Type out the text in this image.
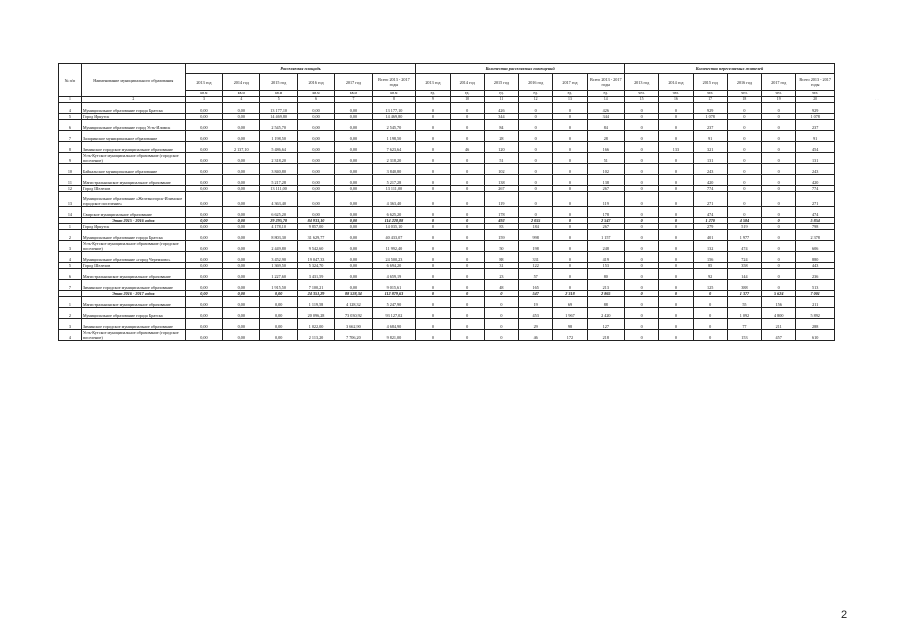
№ п/п	Наименование муниципального образования	Расселяемая площадь						Количество расселяемых помещений						Количество переселяемых жителей					
		2013 год	2014 год	2015 год	2016 год	2017 год	Всего 2013 - 2017 годы	2013 год	2014 год	2015 год	2016 год	2017 год	Всего 2013 - 2017 годы	2013 год	2014 год	2015 год	2016 год	2017 год	Всего 2013 - 2017 годы
		кв.м	кв.м	кв.м	кв.м	кв.м	кв.м	ед.	ед.	ед.	ед.	ед.	ед.	чел.	чел.	чел.	чел.	чел.	чел.
1	2	3	4	5	6	7	8	9	10	11	12	13	14	15	16	17	18	19	20
4	Муниципальное образование города Братска	0,00	0,00	13 177,10	0,00	0,00	13 177,10	0	0	426	0	0	426	0	0	929	0	0	929
5	Город Иркутск	0,00	0,00	14 469,80	0,00	0,00	14 469,80	0	0	344	0	0	344	0	0	1 078	0	0	1 078
6	Муниципальное образование город Усть-Илимск	0,00	0,00	2 545,70	0,00	0,00	2 545,70	0	0	84	0	0	84	0	0	237	0	0	237
7	Заларинское муниципальное образование	0,00	0,00	1 198,50	0,00	0,00	1 198,50	0	0	28	0	0	28	0	0	91	0	0	91
8	Зиминское городское муниципальное образование	0,00	2 137,10	5 486,64	0,00	0,00	7 623,64	0	46	120	0	0	166	0	133	321	0	0	454
9	Усть-Кутское муниципальное образование (городское поселение)	0,00	0,00	2 318,20	0,00	0,00	2 318,20	0	0	51	0	0	51	0	0	131	0	0	131
10	Байкальское муниципальное образование	0,00	0,00	3 840,80	0,00	0,00	3 840,80	0	0	102	0	0	102	0	0	243	0	0	243
11	Магистральнинское муниципальное образование	0,00	0,00	5 217,28	0,00	0,00	5 217,28	0	0	138	0	0	138	0	0	420	0	0	420
12	Город Шелехов	0,00	0,00	13 111,00	0,00	0,00	13 111,00	0	0	267	0	0	267	0	0	774	0	0	774
13	Муниципальное образование «Железногорск-Илимское городское поселение»	0,00	0,00	4 363,40	0,00	0,00	4 363,40	0	0	119	0	0	119	0	0	271	0	0	271
14	Свирское муниципальное образование	0,00	0,00	6 625,20	0,00	0,00	6 625,20	0	0	178	0	0	178	0	0	474	0	0	474
	Этап 2015 - 2016 годов	0,00	0,00	29 295,78	84 933,10	0,00	114 228,88	0	0	492	2 055	0	2 547	0	0	1 270	4 584	0	5 854
1	Город Иркутск	0,00	0,00	4 178,10	9 857,00	0,00	14 035,10	0	0	83	184	0	267	0	0	279	519	0	798
2	Муниципальное образование города Братска	0,00	0,00	8 803,30	31 629,77	0,00	40 433,07	0	0	159	998	0	1 157	0	0	401	1 977	0	2 378
3	Усть-Кутское муниципальное образование (городское поселение)	0,00	0,00	2 449,80	9 542,60	0,00	11 992,40	0	0	50	198	0	248	0	0	132	474	0	606
4	Муниципальное образование «город Черемхово»	0,00	0,00	3 452,90	19 047,33	0,00	24 500,23	0	0	88	331	0	419	0	0	156	724	0	880
5	Город Шелехов	0,00	0,00	1 369,50	5 324,70	0,00	6 694,20	0	0	31	122	0	153	0	0	85	358	0	443
6	Магистральнинское муниципальное образование	0,00	0,00	1 227,60	3 431,59	0,00	4 659,19	0	0	23	57	0	80	0	0	92	144	0	236
7	Зиминское городское муниципальное образование	0,00	0,00	1 915,50	7 100,21	0,00	9 015,61	0	0	48	165	0	213	0	0	125	388	0	513
	Этап 2016 - 2017 годов	0,00	0,00	0,00	24 351,29	88 528,34	112 879,63	0	0	0	547	2 318	2 865	0	0	0	1 377	5 624	7 001
1	Магистральнинское муниципальное образование	0,00	0,00	0,00	1 119,58	4 128,32	5 247,90	0	0	0	19	69	88	0	0	0	55	156	211
2	Муниципальное образование города Братска	0,00	0,00	0,00	20 096,28	73 030,92	93 127,02	0	0	0	453	1 967	2 420	0	0	0	1 092	4 800	5 892
3	Зиминское городское муниципальное образование	0,00	0,00	0,00	1 022,00	3 662,90	4 684,90	0	0	0	29	98	127	0	0	0	77	211	288
4	Усть-Кутское муниципальное образование (городское поселение)	0,00	0,00	0,00	2 113,20	7 706,20	9 821,00	0	0	0	46	172	218	0	0	0	153	457	610
· ·
2
